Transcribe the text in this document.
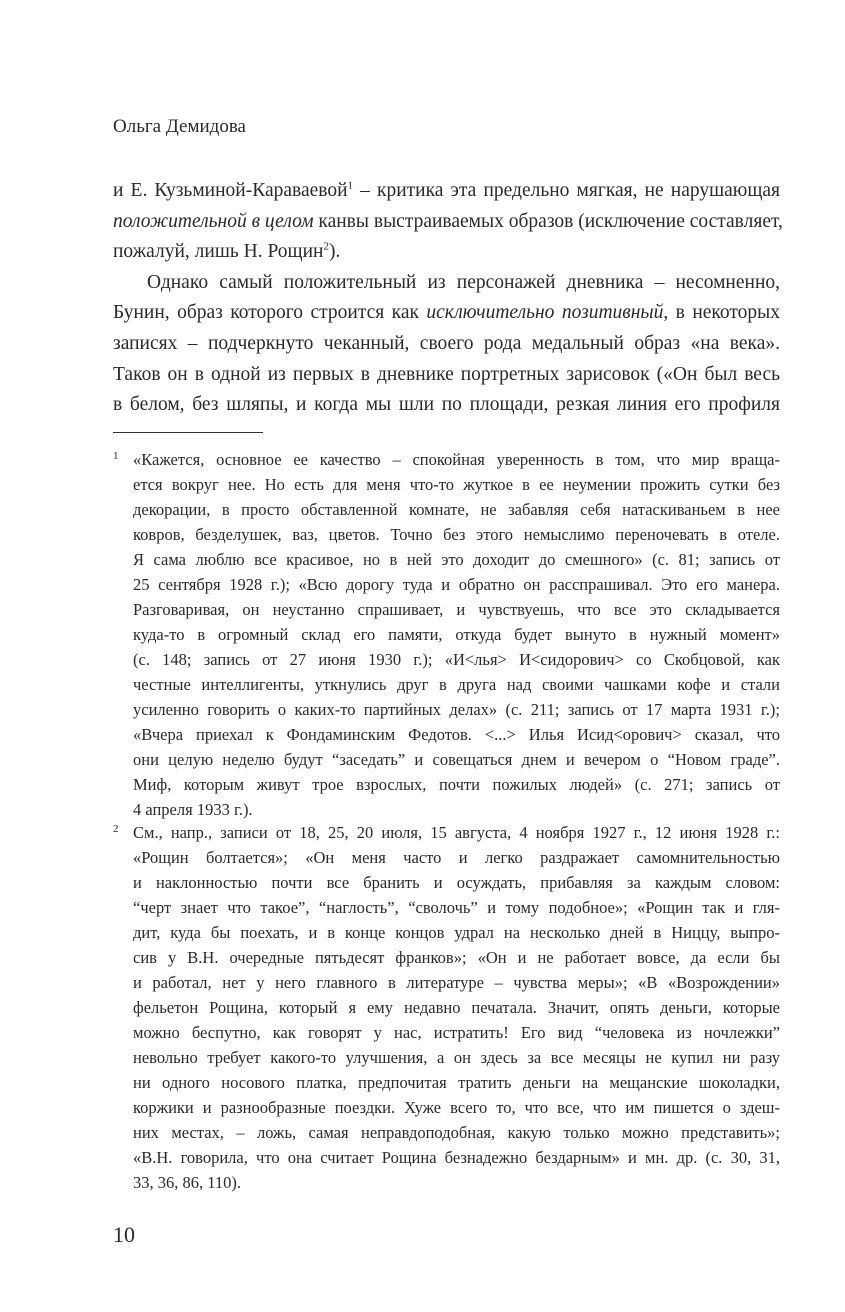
Ольга Демидова
и Е. Кузьминой-Караваевой$^1$ – критика эта предельно мягкая, не нарушающая
положительной в целом канвы выстраиваемых образов (исключение составляет,
пожалуй, лишь Н. Рощин$^2$).
Однако самый положительный из персонажей дневника – несомненно,
Бунин, образ которого строится как исключительно позитивный, в некоторых
записях – подчеркнуто чеканный, своего рода медальный образ «на века».
Таков он в одной из первых в дневнике портретных зарисовок («Он был весь
в белом, без шляпы, и когда мы шли по площади, резкая линия его профиля
1 «Кажется, основное ее качество – спокойная уверенность в том, что мир враща-
ется вокруг нее. Но есть для меня что-то жуткое в ее неумении прожить сутки без
декорации, в просто обставленной комнате, не забавляя себя натаскиваньем в нее
ковров, безделушек, ваз, цветов. Точно без этого немыслимо переночевать в отеле.
Я сама люблю все красивое, но в ней это доходит до смешного» (с. 81; запись от
25 сентября 1928 г.); «Всю дорогу туда и обратно он расспрашивал. Это его манера.
Разговаривая, он неустанно спрашивает, и чувствуешь, что все это складывается
куда-то в огромный склад его памяти, откуда будет вынуто в нужный момент»
(с. 148; запись от 27 июня 1930 г.); «И<лья> И<сидорович> со Скобцовой, как
честные интеллигенты, уткнулись друг в друга над своими чашками кофе и стали
усиленно говорить о каких-то партийных делах» (с. 211; запись от 17 марта 1931 г.);
«Вчера приехал к Фондаминским Федотов. <...> Илья Исид<орович> сказал, что
они целую неделю будут “заседать” и совещаться днем и вечером о “Новом граде”.
Миф, которым живут трое взрослых, почти пожилых людей» (с. 271; запись от
4 апреля 1933 г.).
2 См., напр., записи от 18, 25, 20 июля, 15 августа, 4 ноября 1927 г., 12 июня 1928 г.:
«Рощин болтается»; «Он меня часто и легко раздражает самомнительностью
и наклонностью почти все бранить и осуждать, прибавляя за каждым словом:
“черт знает что такое”, “наглость”, “сволочь” и тому подобное»; «Рощин так и гля-
дит, куда бы поехать, и в конце концов удрал на несколько дней в Ниццу, выпро-
сив у В.Н. очередные пятьдесят франков»; «Он и не работает вовсе, да если бы
и работал, нет у него главного в литературе – чувства меры»; «В «Возрождении»
фельетон Рощина, который я ему недавно печатала. Значит, опять деньги, которые
можно беспутно, как говорят у нас, истратить! Его вид “человека из ночлежки”
невольно требует какого-то улучшения, а он здесь за все месяцы не купил ни разу
ни одного носового платка, предпочитая тратить деньги на мещанские шоколадки,
коржики и разнообразные поездки. Хуже всего то, что все, что им пишется о здеш-
них местах, – ложь, самая неправдоподобная, какую только можно представить»;
«В.Н. говорила, что она считает Рощина безнадежно бездарным» и мн. др. (с. 30, 31,
33, 36, 86, 110).
10
